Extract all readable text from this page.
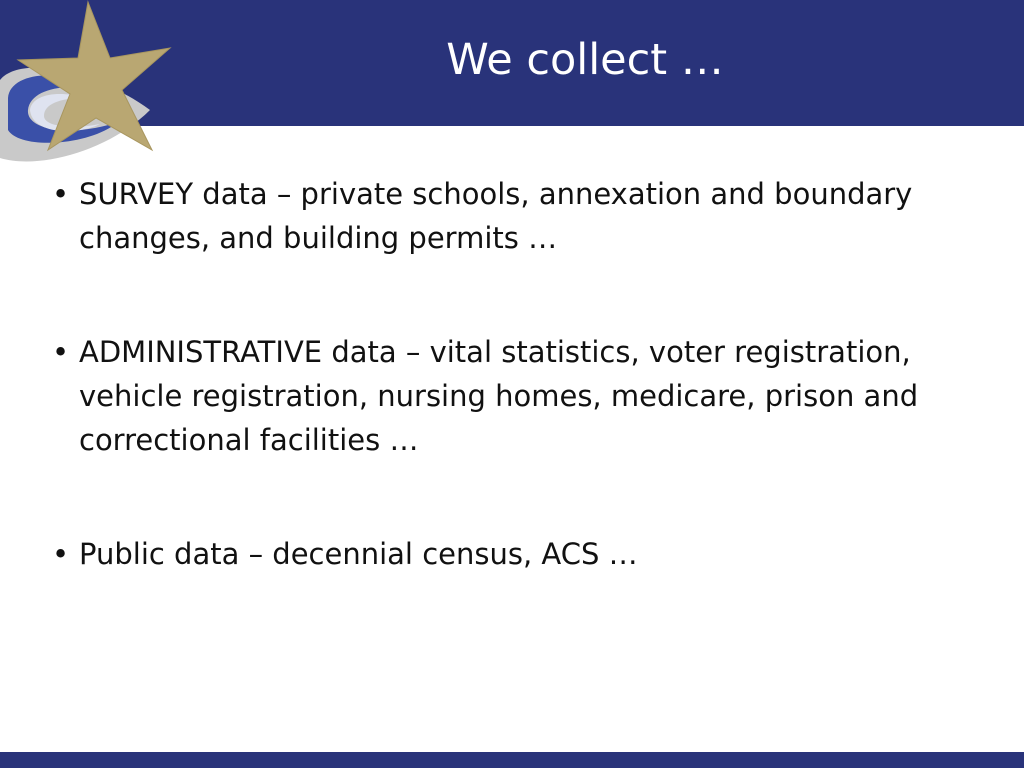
We collect …
•
SURVEY data – private schools, annexation and boundary changes, and building permits …
•
ADMINISTRATIVE data – vital statistics, voter registration, vehicle registration, nursing homes, medicare, prison and correctional facilities …
•
Public data – decennial census, ACS …
